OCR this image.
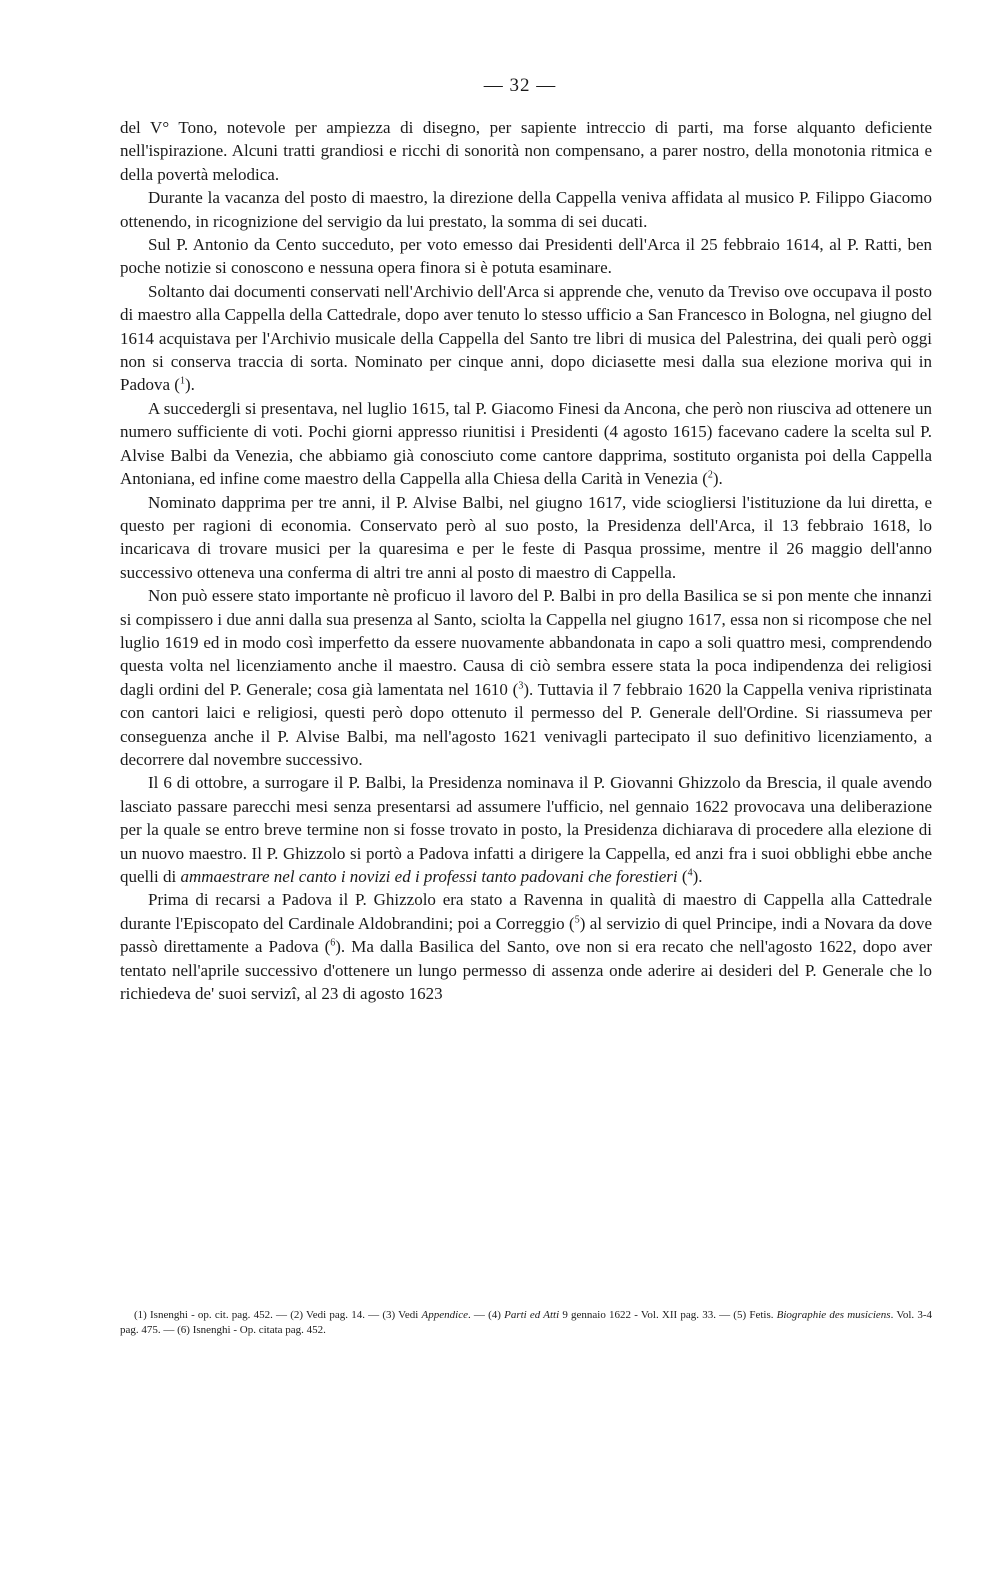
— 32 —

del V° Tono, notevole per ampiezza di disegno, per sapiente intreccio di parti, ma forse alquanto deficiente nell'ispirazione. Alcuni tratti grandiosi e ricchi di sonorità non compensano, a parer nostro, della monotonia ritmica e della povertà melodica.

Durante la vacanza del posto di maestro, la direzione della Cappella veniva affidata al musico P. Filippo Giacomo ottenendo, in ricognizione del servigio da lui prestato, la somma di sei ducati.

Sul P. Antonio da Cento succeduto, per voto emesso dai Presidenti dell'Arca il 25 febbraio 1614, al P. Ratti, ben poche notizie si conoscono e nessuna opera finora si è potuta esaminare.

Soltanto dai documenti conservati nell'Archivio dell'Arca si apprende che, venuto da Treviso ove occupava il posto di maestro alla Cappella della Cattedrale, dopo aver tenuto lo stesso ufficio a San Francesco in Bologna, nel giugno del 1614 acquistava per l'Archivio musicale della Cappella del Santo tre libri di musica del Palestrina, dei quali però oggi non si conserva traccia di sorta. Nominato per cinque anni, dopo diciasette mesi dalla sua elezione moriva qui in Padova ($^1$).

A succedergli si presentava, nel luglio 1615, tal P. Giacomo Finesi da Ancona, che però non riusciva ad ottenere un numero sufficiente di voti. Pochi giorni appresso riunitisi i Presidenti (4 agosto 1615) facevano cadere la scelta sul P. Alvise Balbi da Venezia, che abbiamo già conosciuto come cantore dapprima, sostituto organista poi della Cappella Antoniana, ed infine come maestro della Cappella alla Chiesa della Carità in Venezia ($^2$).

Nominato dapprima per tre anni, il P. Alvise Balbi, nel giugno 1617, vide sciogliersi l'istituzione da lui diretta, e questo per ragioni di economia. Conservato però al suo posto, la Presidenza dell'Arca, il 13 febbraio 1618, lo incaricava di trovare musici per la quaresima e per le feste di Pasqua prossime, mentre il 26 maggio dell'anno successivo otteneva una conferma di altri tre anni al posto di maestro di Cappella.

Non può essere stato importante nè proficuo il lavoro del P. Balbi in pro della Basilica se si pon mente che innanzi si compissero i due anni dalla sua presenza al Santo, sciolta la Cappella nel giugno 1617, essa non si ricompose che nel luglio 1619 ed in modo così imperfetto da essere nuovamente abbandonata in capo a soli quattro mesi, comprendendo questa volta nel licenziamento anche il maestro. Causa di ciò sembra essere stata la poca indipendenza dei religiosi dagli ordini del P. Generale; cosa già lamentata nel 1610 ($^3$). Tuttavia il 7 febbraio 1620 la Cappella veniva ripristinata con cantori laici e religiosi, questi però dopo ottenuto il permesso del P. Generale dell'Ordine. Si riassumeva per conseguenza anche il P. Alvise Balbi, ma nell'agosto 1621 venivagli partecipato il suo definitivo licenziamento, a decorrere dal novembre successivo.

Il 6 di ottobre, a surrogare il P. Balbi, la Presidenza nominava il P. Giovanni Ghizzolo da Brescia, il quale avendo lasciato passare parecchi mesi senza presentarsi ad assumere l'ufficio, nel gennaio 1622 provocava una deliberazione per la quale se entro breve termine non si fosse trovato in posto, la Presidenza dichiarava di procedere alla elezione di un nuovo maestro. Il P. Ghizzolo si portò a Padova infatti a dirigere la Cappella, ed anzi fra i suoi obblighi ebbe anche quelli di ammaestrare nel canto i novizi ed i professi tanto padovani che forestieri ($^4$).

Prima di recarsi a Padova il P. Ghizzolo era stato a Ravenna in qualità di maestro di Cappella alla Cattedrale durante l'Episcopato del Cardinale Aldobrandini; poi a Correggio ($^5$) al servizio di quel Principe, indi a Novara da dove passò direttamente a Padova ($^6$). Ma dalla Basilica del Santo, ove non si era recato che nell'agosto 1622, dopo aver tentato nell'aprile successivo d'ottenere un lungo permesso di assenza onde aderire ai desideri del P. Generale che lo richiedeva de' suoi servizî, al 23 di agosto 1623

(1) Isnenghi - op. cit. pag. 452. — (2) Vedi pag. 14. — (3) Vedi Appendice. — (4) Parti ed Atti 9 gennaio 1622 - Vol. XII pag. 33. — (5) Fetis. Biographie des musiciens. Vol. 3-4 pag. 475. — (6) Isnenghi - Op. citata pag. 452.
